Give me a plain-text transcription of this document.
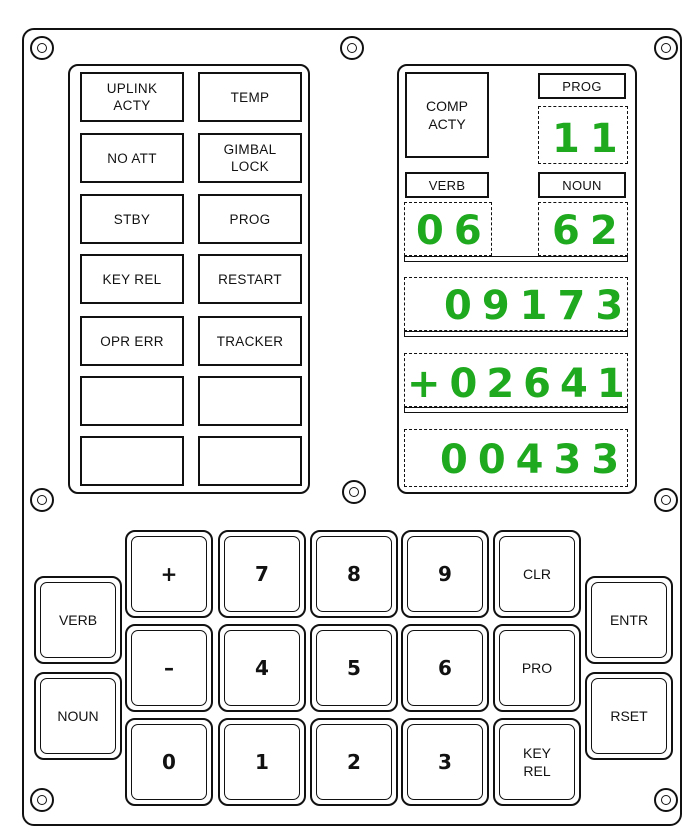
UPLINK
ACTY
TEMP
NO ATT
GIMBAL
LOCK
STBY	PROG
KEY REL	RESTART
OPR ERR	TRACKER
COMP
ACTY
PROG
11
VERB	NOUN
06 62
09173
+02641
00433
VERB
NOUN
+
–
0
7
4
1
8
5
2
9
6
3
CLR
PRO
KEY
REL
ENTR
RSET
